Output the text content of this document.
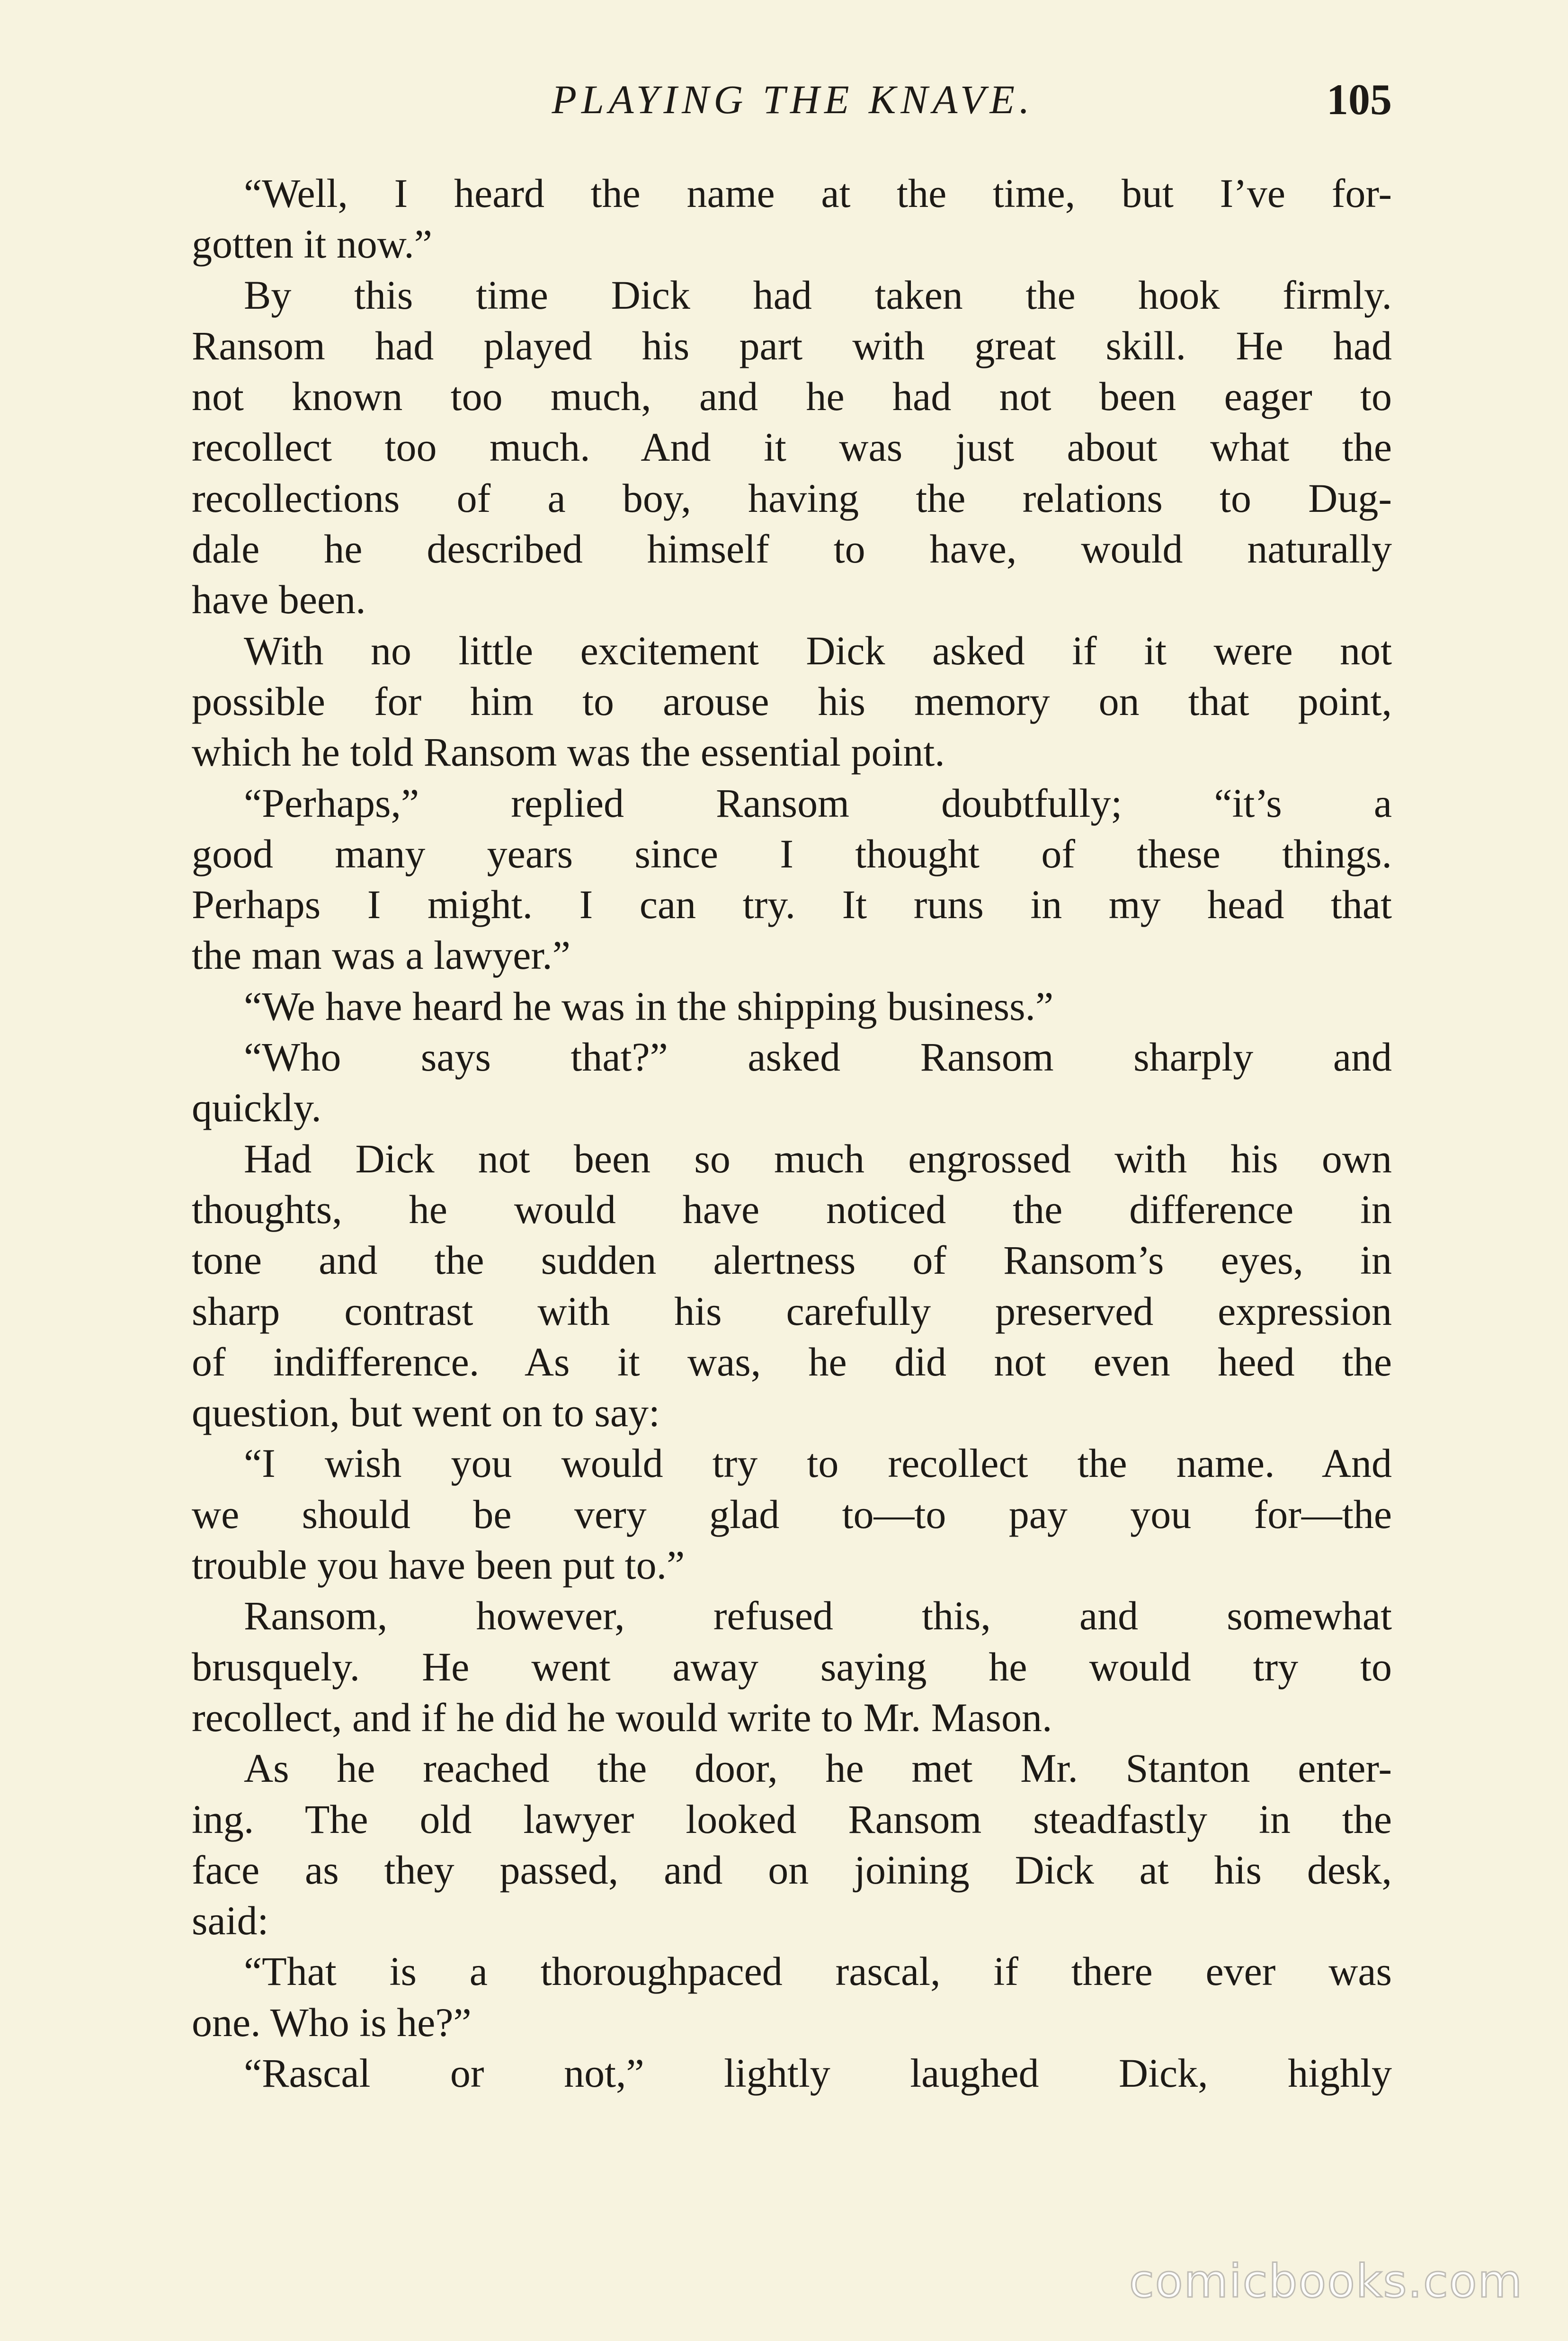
PLAYING THE KNAVE.	105
“Well, I heard the name at the time, but I’ve for-
gotten it now.”
By this time Dick had taken the hook firmly.
Ransom had played his part with great skill. He had
not known too much, and he had not been eager to
recollect too much. And it was just about what the
recollections of a boy, having the relations to Dug-
dale he described himself to have, would naturally
have been.
With no little excitement Dick asked if it were not
possible for him to arouse his memory on that point,
which he told Ransom was the essential point.
“Perhaps,” replied Ransom doubtfully; “it’s a
good many years since I thought of these things.
Perhaps I might. I can try. It runs in my head that
the man was a lawyer.”
“We have heard he was in the shipping business.”
“Who says that?” asked Ransom sharply and
quickly.
Had Dick not been so much engrossed with his own
thoughts, he would have noticed the difference in
tone and the sudden alertness of Ransom’s eyes, in
sharp contrast with his carefully preserved expression
of indifference. As it was, he did not even heed the
question, but went on to say:
“I wish you would try to recollect the name. And
we should be very glad to—to pay you for—the
trouble you have been put to.”
Ransom, however, refused this, and somewhat
brusquely. He went away saying he would try to
recollect, and if he did he would write to Mr. Mason.
As he reached the door, he met Mr. Stanton enter-
ing. The old lawyer looked Ransom steadfastly in the
face as they passed, and on joining Dick at his desk,
said:
“That is a thoroughpaced rascal, if there ever was
one. Who is he?”
“Rascal or not,” lightly laughed Dick, highly
comicbooks.com
